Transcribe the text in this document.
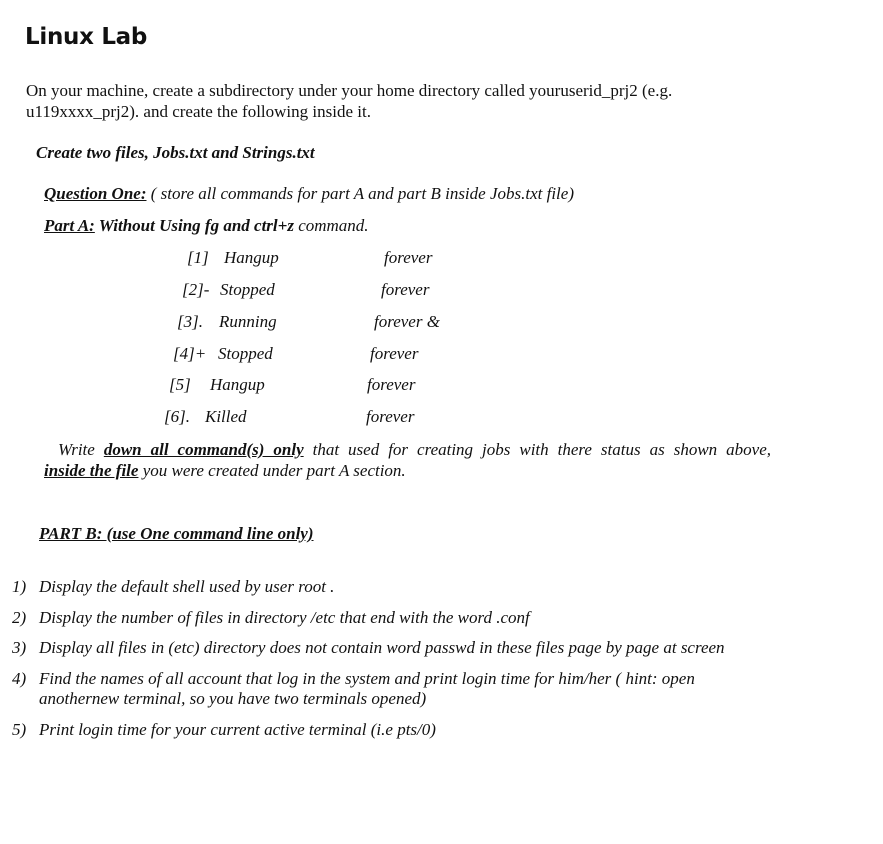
Linux Lab
On your machine, create a subdirectory under your home directory called youruserid_prj2 (e.g. u119xxxx_prj2). and create the following inside it.
Create two files, Jobs.txt and Strings.txt
Question One: ( store all commands for part A and part B inside Jobs.txt file)
Part A: Without Using fg and ctrl+z command.
[1] Hangup	forever
[2]- Stopped	forever
[3]. Running	forever &
[4]+ Stopped	forever
[5] Hangup	forever
[6]. Killed	forever
Write down all command(s) only that used for creating jobs with there status as shown above,
inside the file you were created under part A section.
PART B: (use One command line only)
1) Display the default shell used by user root .
2) Display the number of files in directory /etc that end with the word .conf
3) Display all files in (etc) directory does not contain word passwd in these files page by page at screen
4) Find the names of all account that log in the system and print login time for him/her ( hint: open anothernew terminal, so you have two terminals opened)
5) Print login time for your current active terminal (i.e pts/0)
